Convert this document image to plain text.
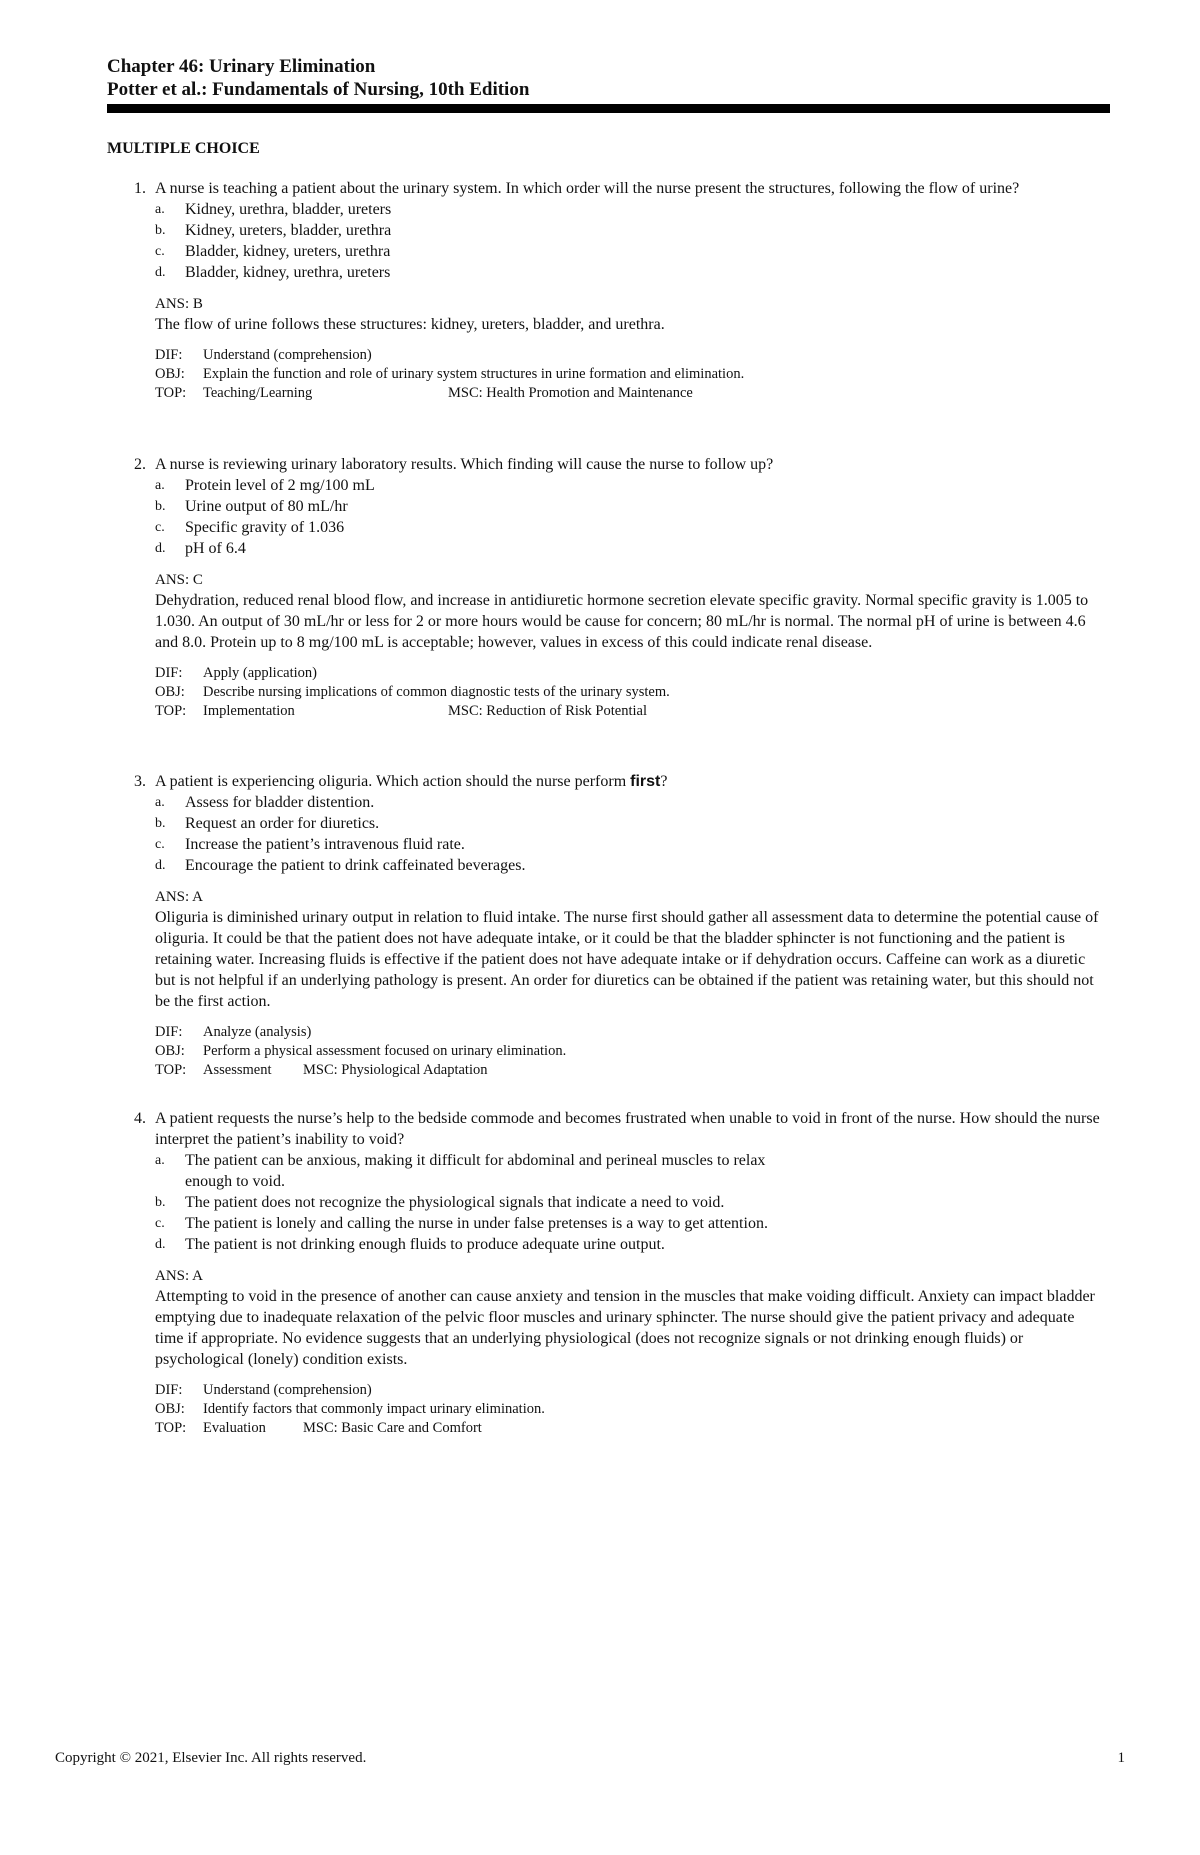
Chapter 46: Urinary Elimination

Potter et al.: Fundamentals of Nursing, 10th Edition

MULTIPLE CHOICE

1. A nurse is teaching a patient about the urinary system. In which order will the nurse present the structures, following the flow of urine?
a. Kidney, urethra, bladder, ureters
b. Kidney, ureters, bladder, urethra
c. Bladder, kidney, ureters, urethra
d. Bladder, kidney, urethra, ureters
ANS: B
The flow of urine follows these structures: kidney, ureters, bladder, and urethra.
DIF:	Understand (comprehension)
OBJ:	Explain the function and role of urinary system structures in urine formation and elimination.
TOP:	Teaching/Learning	MSC: Health Promotion and Maintenance
2. A nurse is reviewing urinary laboratory results. Which finding will cause the nurse to follow up?
a. Protein level of 2 mg/100 mL
b. Urine output of 80 mL/hr
c. Specific gravity of 1.036
d. pH of 6.4
ANS: C
Dehydration, reduced renal blood flow, and increase in antidiuretic hormone secretion elevate specific gravity. Normal specific gravity is 1.005 to 1.030. An output of 30 mL/hr or less for 2 or more hours would be cause for concern; 80 mL/hr is normal. The normal pH of urine is between 4.6 and 8.0. Protein up to 8 mg/100 mL is acceptable; however, values in excess of this could indicate renal disease.
DIF:	Apply (application)
OBJ:	Describe nursing implications of common diagnostic tests of the urinary system.
TOP:	Implementation	MSC: Reduction of Risk Potential
3. A patient is experiencing oliguria. Which action should the nurse perform first?
a. Assess for bladder distention.
b. Request an order for diuretics.
c. Increase the patient’s intravenous fluid rate.
d. Encourage the patient to drink caffeinated beverages.
ANS: A
Oliguria is diminished urinary output in relation to fluid intake. The nurse first should gather all assessment data to determine the potential cause of oliguria. It could be that the patient does not have adequate intake, or it could be that the bladder sphincter is not functioning and the patient is retaining water. Increasing fluids is effective if the patient does not have adequate intake or if dehydration occurs. Caffeine can work as a diuretic but is not helpful if an underlying pathology is present. An order for diuretics can be obtained if the patient was retaining water, but this should not be the first action.
DIF:	Analyze (analysis)
OBJ:	Perform a physical assessment focused on urinary elimination.
TOP:	Assessment	MSC: Physiological Adaptation
4. A patient requests the nurse’s help to the bedside commode and becomes frustrated when unable to void in front of the nurse. How should the nurse interpret the patient’s inability to void?
a. The patient can be anxious, making it difficult for abdominal and perineal muscles to relax enough to void.
b. The patient does not recognize the physiological signals that indicate a need to void.
c. The patient is lonely and calling the nurse in under false pretenses is a way to get attention.
d. The patient is not drinking enough fluids to produce adequate urine output.
ANS: A
Attempting to void in the presence of another can cause anxiety and tension in the muscles that make voiding difficult. Anxiety can impact bladder emptying due to inadequate relaxation of the pelvic floor muscles and urinary sphincter. The nurse should give the patient privacy and adequate time if appropriate. No evidence suggests that an underlying physiological (does not recognize signals or not drinking enough fluids) or psychological (lonely) condition exists.
DIF:	Understand (comprehension)
OBJ:	Identify factors that commonly impact urinary elimination.
TOP:	Evaluation	MSC: Basic Care and Comfort
Copyright © 2021, Elsevier Inc. All rights reserved.	1
